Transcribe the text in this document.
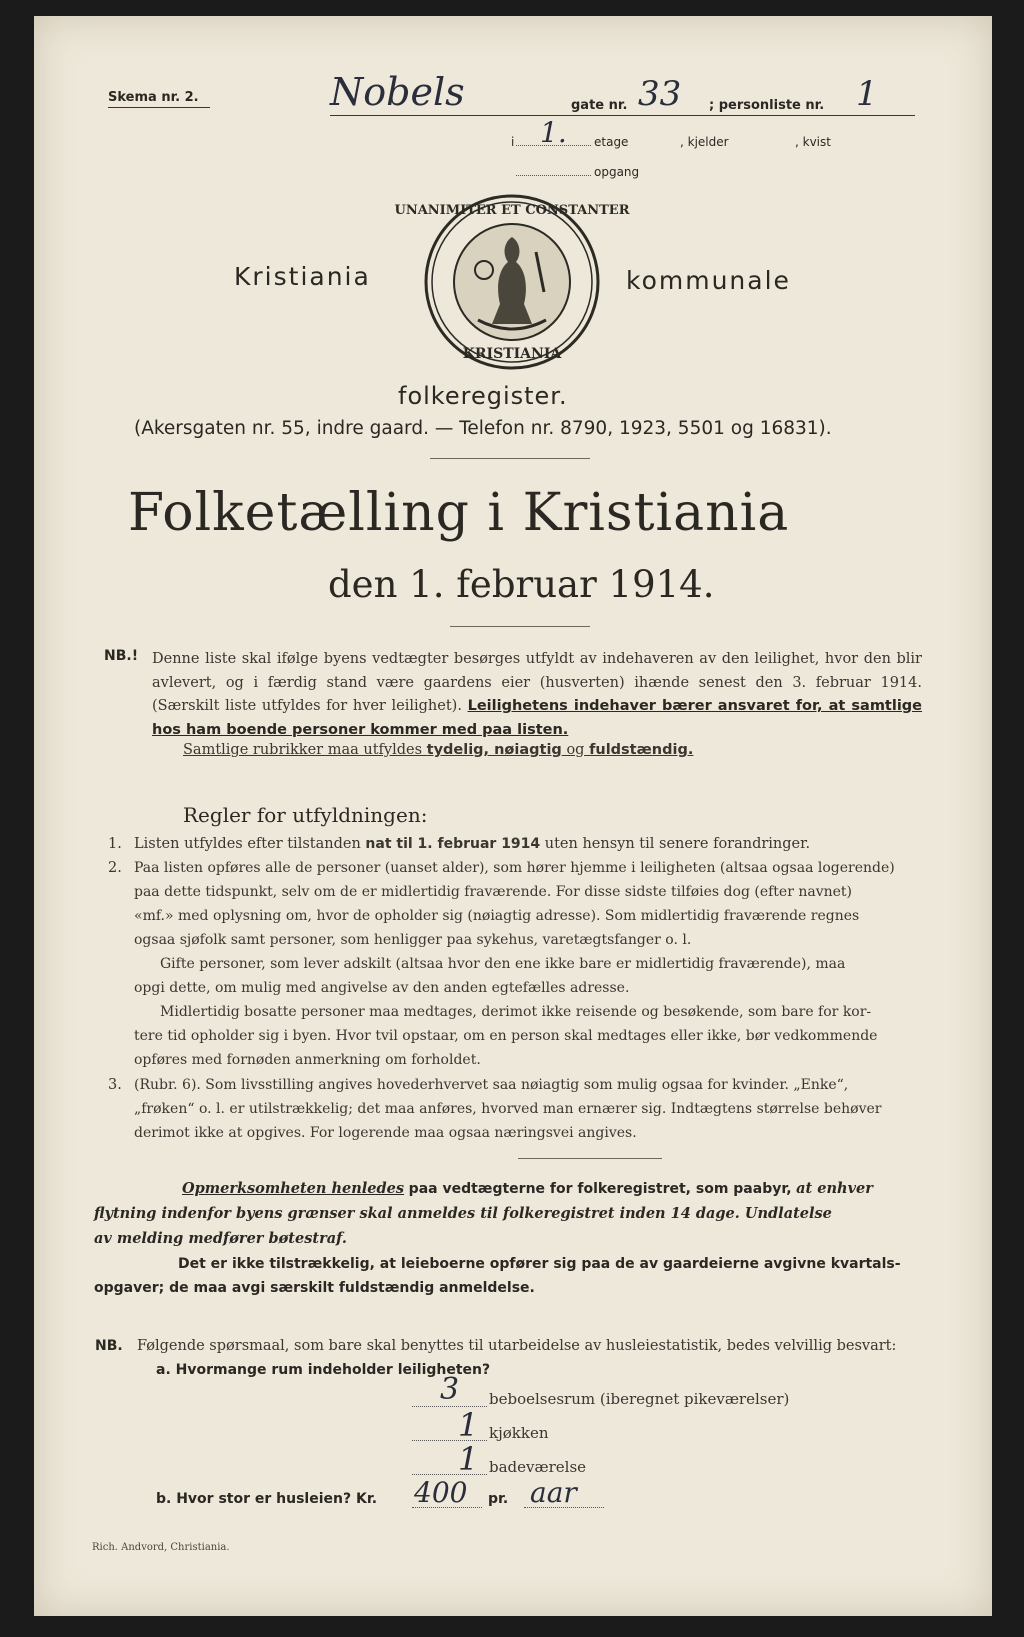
Skema nr. 2.	Nobels	gate nr. 33 ; personliste nr. 1
i 1. etage	, kjelder	, kvist
opgang
Kristiania	kommunale
UNANIMITER ET CONSTANTER
KRISTIANIA
folkeregister.
(Akersgaten nr. 55, indre gaard. — Telefon nr. 8790, 1923, 5501 og 16831).
Folketælling i Kristiania
den 1. februar 1914.
NB.! Denne liste skal ifølge byens vedtægter besørges utfyldt av indehaveren av den leilighet, hvor den blir avlevert, og i færdig stand være gaardens eier (husverten) ihænde senest den 3. februar 1914. (Særskilt liste utfyldes for hver leilighet). Leilighetens indehaver bærer ansvaret for, at samtlige hos ham boende personer kommer med paa listen.
Samtlige rubrikker maa utfyldes tydelig, nøiagtig og fuldstændig.
Regler for utfyldningen:
1. Listen utfyldes efter tilstanden nat til 1. februar 1914 uten hensyn til senere forandringer.
2. Paa listen opføres alle de personer (uanset alder), som hører hjemme i leiligheten (altsaa ogsaa logerende)
paa dette tidspunkt, selv om de er midlertidig fraværende. For disse sidste tilføies dog (efter navnet)
«mf.» med oplysning om, hvor de opholder sig (nøiagtig adresse). Som midlertidig fraværende regnes
ogsaa sjøfolk samt personer, som henligger paa sykehus, varetægtsfanger o. l.
Gifte personer, som lever adskilt (altsaa hvor den ene ikke bare er midlertidig fraværende), maa
opgi dette, om mulig med angivelse av den anden egtefælles adresse.
Midlertidig bosatte personer maa medtages, derimot ikke reisende og besøkende, som bare for kor-
tere tid opholder sig i byen. Hvor tvil opstaar, om en person skal medtages eller ikke, bør vedkommende
opføres med fornøden anmerkning om forholdet.
3. (Rubr. 6). Som livsstilling angives hovederhvervet saa nøiagtig som mulig ogsaa for kvinder. „Enke“,
„frøken“ o. l. er utilstrækkelig; det maa anføres, hvorved man ernærer sig. Indtægtens størrelse behøver
derimot ikke at opgives. For logerende maa ogsaa næringsvei angives.
Opmerksomheten henledes paa vedtægterne for folkeregistret, som paabyr, at enhver
flytning indenfor byens grænser skal anmeldes til folkeregistret inden 14 dage. Undlatelse
av melding medfører bøtestraf.
Det er ikke tilstrækkelig, at leieboerne opfører sig paa de av gaardeierne avgivne kvartals-
opgaver; de maa avgi særskilt fuldstændig anmeldelse.
NB. Følgende spørsmaal, som bare skal benyttes til utarbeidelse av husleiestatistik, bedes velvillig besvart:
a. Hvormange rum indeholder leiligheten?
3 beboelsesrum (iberegnet pikeværelser)
1 kjøkken
1 badeværelse
b. Hvor stor er husleien? Kr. 400 pr. aar
Rich. Andvord, Christiania.
